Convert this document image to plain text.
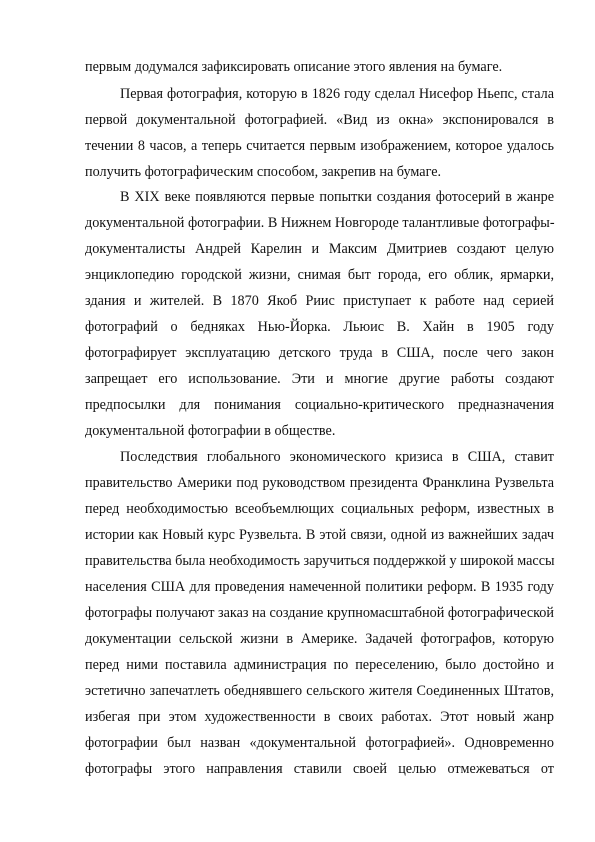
первым додумался зафиксировать описание этого явления на бумаге.

Первая фотография, которую в 1826 году сделал Нисефор Ньепс, стала

первой документальной фотографией. «Вид из окна» экспонировался в

течении 8 часов, а теперь считается первым изображением, которое удалось

получить фотографическим способом, закрепив на бумаге.

В XIX веке появляются первые попытки создания фотосерий в жанре

документальной фотографии. В Нижнем Новгороде талантливые фотографы-

документалисты Андрей Карелин и Максим Дмитриев создают целую

энциклопедию городской жизни, снимая быт города, его облик, ярмарки,

здания и жителей. В 1870 Якоб Риис приступает к работе над серией

фотографий о бедняках Нью-Йорка. Льюис В. Хайн в 1905 году

фотографирует эксплуатацию детского труда в США, после чего закон

запрещает его использование. Эти и многие другие работы создают

предпосылки для понимания социально-критического предназначения

документальной фотографии в обществе.

Последствия глобального экономического кризиса в США, ставит

правительство Америки под руководством президента Франклина Рузвельта

перед необходимостью всеобъемлющих социальных реформ, известных в

истории как Новый курс Рузвельта. В этой связи, одной из важнейших задач

правительства была необходимость заручиться поддержкой у широкой массы

населения США для проведения намеченной политики реформ. В 1935 году

фотографы получают заказ на создание крупномасштабной фотографической

документации сельской жизни в Америке. Задачей фотографов, которую

перед ними поставила администрация по переселению, было достойно и

эстетично запечатлеть обеднявшего сельского жителя Соединенных Штатов,

избегая при этом художественности в своих работах. Этот новый жанр

фотографии был назван «документальной фотографией». Одновременно

фотографы этого направления ставили своей целью отмежеваться от
